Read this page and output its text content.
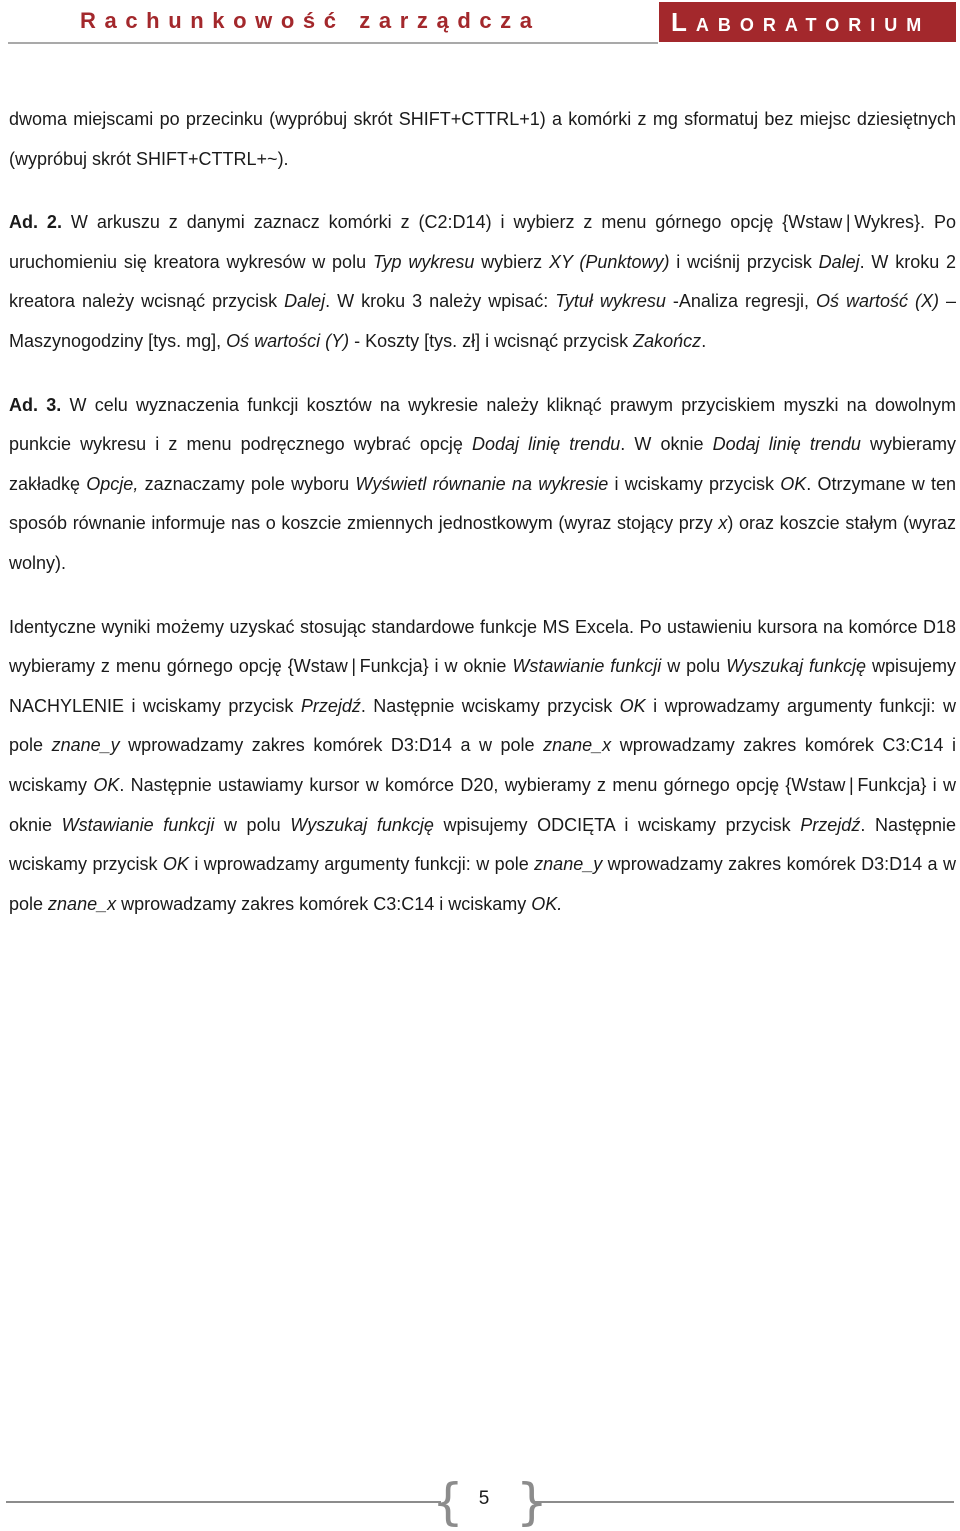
Rachunkowość zarządcza	LABORATORIUM

dwoma miejscami po przecinku (wypróbuj skrót SHIFT+CTTRL+1) a komórki z mg sformatuj bez miejsc dziesiętnych (wypróbuj skrót SHIFT+CTTRL+~).

Ad. 2. W arkuszu z danymi zaznacz komórki z (C2:D14) i wybierz z menu górnego opcję {Wstaw | Wykres}. Po uruchomieniu się kreatora wykresów w polu Typ wykresu wybierz XY (Punktowy) i wciśnij przycisk Dalej. W kroku 2 kreatora należy wcisnąć przycisk Dalej. W kroku 3 należy wpisać: Tytuł wykresu -Analiza regresji, Oś wartość (X) – Maszynogodziny [tys. mg], Oś wartości (Y) - Koszty [tys. zł] i wcisnąć przycisk Zakończ.

Ad. 3. W celu wyznaczenia funkcji kosztów na wykresie należy kliknąć prawym przyciskiem myszki na dowolnym punkcie wykresu i z menu podręcznego wybrać opcję Dodaj linię trendu. W oknie Dodaj linię trendu wybieramy zakładkę Opcje, zaznaczamy pole wyboru Wyświetl równanie na wykresie i wciskamy przycisk OK. Otrzymane w ten sposób równanie informuje nas o koszcie zmiennych jednostkowym (wyraz stojący przy x) oraz koszcie stałym (wyraz wolny).

Identyczne wyniki możemy uzyskać stosując standardowe funkcje MS Excela. Po ustawieniu kursora na komórce D18 wybieramy z menu górnego opcję {Wstaw | Funkcja} i w oknie Wstawianie funkcji w polu Wyszukaj funkcję wpisujemy NACHYLENIE i wciskamy przycisk Przejdź. Następnie wciskamy przycisk OK i wprowadzamy argumenty funkcji: w pole znane_y wprowadzamy zakres komórek D3:D14 a w pole znane_x wprowadzamy zakres komórek C3:C14 i wciskamy OK. Następnie ustawiamy kursor w komórce D20, wybieramy z menu górnego opcję {Wstaw | Funkcja} i w oknie Wstawianie funkcji w polu Wyszukaj funkcję wpisujemy ODCIĘTA i wciskamy przycisk Przejdź. Następnie wciskamy przycisk OK i wprowadzamy argumenty funkcji: w pole znane_y wprowadzamy zakres komórek D3:D14 a w pole znane_x wprowadzamy zakres komórek C3:C14 i wciskamy OK.

{ 5 }
